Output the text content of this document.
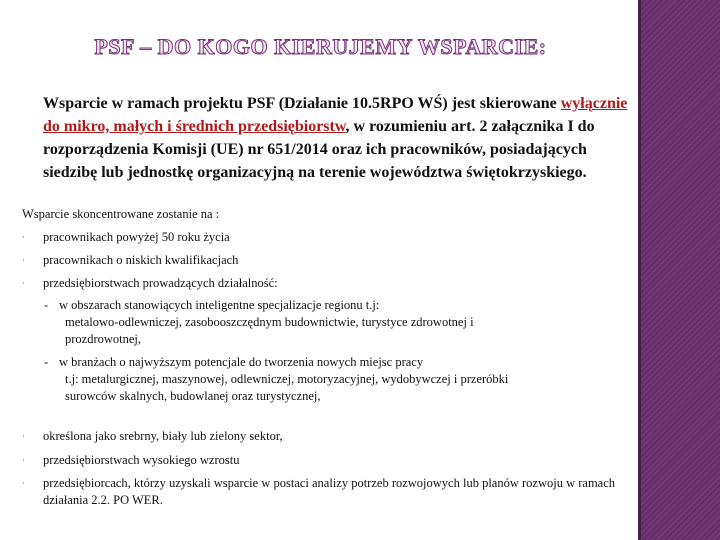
PSF – DO KOGO KIERUJEMY WSPARCIE:
Wsparcie w ramach projektu PSF (Działanie 10.5RPO WŚ) jest skierowane wyłącznie do mikro, małych i średnich przedsiębiorstw, w rozumieniu art. 2 załącznika I do rozporządzenia Komisji (UE) nr 651/2014 oraz ich pracowników, posiadających siedzibę lub jednostkę organizacyjną na terenie województwa świętokrzyskiego.
Wsparcie skoncentrowane zostanie na :
· pracownikach powyżej 50 roku życia
· pracownikach o niskich kwalifikacjach
· przedsiębiorstwach prowadzących działalność:
- w obszarach stanowiących inteligentne specjalizacje regionu t.j:
metalowo-odlewniczej, zasobooszczędnym budownictwie, turystyce zdrowotnej i prozdrowotnej,
- w branżach o najwyższym potencjale do tworzenia nowych miejsc pracy
t.j: metalurgicznej, maszynowej, odlewniczej, motoryzacyjnej, wydobywczej i przeróbki surowców skalnych, budowlanej oraz turystycznej,
· określona jako srebrny, biały lub zielony sektor,
· przedsiębiorstwach wysokiego wzrostu
· przedsiębiorcach, którzy uzyskali wsparcie w postaci analizy potrzeb rozwojowych lub planów rozwoju w ramach działania 2.2. PO WER.
